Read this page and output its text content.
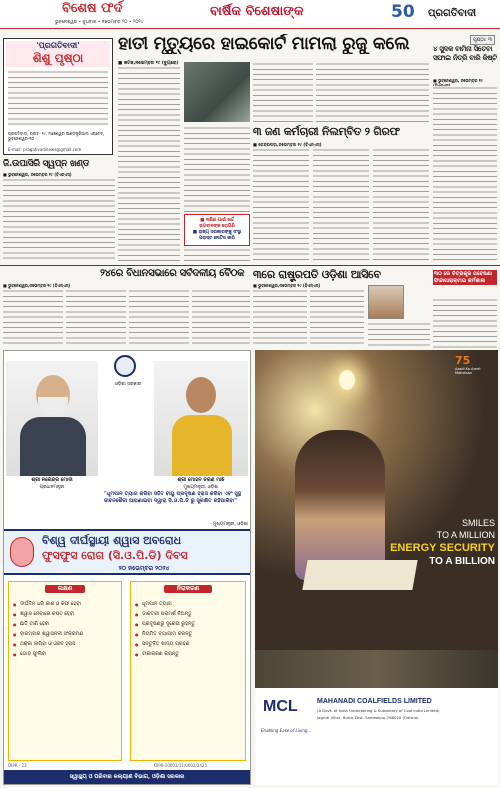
ବିଶେଷ ଫର୍ଦ
ଭୁବନେଶ୍ୱର • ବୁଧବାର • ନଭେମ୍ବର ୨୦ • ୨୦୨୪
ବାର୍ଷିକ ବିଶେଷାଙ୍କ	50	ପ୍ରଗତିବାଦୀ
ପୃଷ୍ଠା: ୩
'ପ୍ରଗତିବାଦୀ'
ଶିଶୁ ପୃଷ୍ଠା
ପ୍ରଗତିବାଦୀ, ପ୍ଲଟ- ୨୯, ମଞ୍ଚେଶ୍ୱର ଇଣ୍ଡଷ୍ଟ୍ରିଆଲ ଏଷ୍ଟେଟ୍, ଭୁବନେଶ୍ୱର-୧୦
E-mail: pragativadinews@gmail.com
ହାତୀ ମୃତ୍ୟୁରେ ହାଇକୋର୍ଟ ମାମଲା ରୁଜୁ କଲେ
■ କଟକ,ନଭେମ୍ବର ୧୯ (ବ୍ୟୁରୋ)
■ ଦକ୍ଷିଣ ପାଇଁ ଖର୍ଚ୍ଚ
ଭଗବାନଙ୍କ ରୋଗିଣି
■ ରାଜ୍ୟ ସରକାରଙ୍କୁ ସଂସ୍ଥା
ପରାସ୍ତ ନୋଟିସ ଜାରି
୩ ଜଣ କର୍ମଚାରୀ ନିଲମ୍ବିତ ୨ ଗିରଫ
■ କେନ୍ଦ୍ରପଡ଼ା,ନଭେମ୍ବର ୧୯ (ବିଏନ୍‌ଏସ୍)
୪ ସୁଦକ ବାମିନା ସିତେବା ସଫାଇ ନିତ୍ରି ବାରି କିଷ୍ଟି
■ ଭୁବନେଶ୍ୱର, ନଭେମ୍ବର ୧୯
ଜି.ଉପାସିରି ସ୍ୱପ୍ନ ଖଣ୍ଡ
■ ଭୁବନେଶ୍ୱର, ନଭେମ୍ବର ୧୯ (ବିଏନ୍‌ଏସ୍)
୨୪ରେ ବିଧାନସଭାରେ ସର୍ବଦଳୀୟ ବୈଠକ
■ ଭୁବନେଶ୍ୱର,ନଭେମ୍ବର ୧୯ (ବିଏନ୍‌ଏସ୍)
୩ରେ ରାଷ୍ଟ୍ରପତି ଓଡ଼ିଶା ଆସିବେ
■ ଭୁବନେଶ୍ୱର,ନଭେମ୍ବର ୧୯ (ବିଏନ୍‌ଏସ୍)
୩୦ ରେ ଚିତ୍ରାକୂର ଗବେଷଣା ଫିନ୍ଦୀପାରାକ୍ଟାଇ କର୍ମଶାଳା
ଓଡ଼ିଶା ସରକାର
ଶ୍ରୀ ନରେନ୍ଦ୍ର ମୋଦୀ
ପ୍ରଧାନମନ୍ତ୍ରୀ
ଶ୍ରୀ ମୋହନ ଚରଣ ମାଝି
ମୁଖ୍ୟମନ୍ତ୍ରୀ, ଓଡ଼ିଶା
"ଧୂମପାନ ତ୍ୟାଗ କରିବା ସହିତ ବାୟୁ ପ୍ରଦୂଷଣ ହ୍ରାସ କରିବା ଏବଂ ସୁସ୍ଥ ଜୀବନଶୈଳୀ ଆପଣାଇବା ଦ୍ୱାରା ସି.ଓ.ପି.ଡି ରୁ ସୁରକ୍ଷିତ ରହିପାରିବା"
- ମୁଖ୍ୟମନ୍ତ୍ରୀ, ଓଡ଼ିଶା
ବିଶ୍ୱ ଦୀର୍ଘସ୍ଥାୟୀ ଶ୍ୱାସ ଅବରୋଧ
ଫୁସଫୁସ ରୋଗ (ସି.ଓ.ପି.ଡି) ଦିବସ
୨୦ ନଭେମ୍ବର ୨୦୨୪
ଲକ୍ଷଣ
● ଦୀର୍ଘଦିନ ଧରି କାଶ ଓ କଫ ହେବା
● ଶ୍ୱାସ ନେବାରେ କଷ୍ଟ ହେବା
● ଛାତି ଟାଣି ହେବା
● ବାରମ୍ବାର ଶ୍ୱାସନଳୀ ସଂକ୍ରମଣ
● ଥକ୍କା ଲାଗିବା ଓ ଓଜନ ହ୍ରାସ
● ଗୋଡ଼ ଫୁଲିବା
ନିରାକରଣ
● ଧୂମପାନ ତ୍ୟାଗ
● ଡାକ୍ତରୀ ପରାମର୍ଶ ନିଅନ୍ତୁ
● ପ୍ରଦୂଷଣରୁ ଦୂରେଇ ରୁହନ୍ତୁ
● ନିୟମିତ ବ୍ୟାୟାମ କରନ୍ତୁ
● ସନ୍ତୁଳିତ ଖାଦ୍ୟ ଗ୍ରହଣ
● ଟୀକାକରଣ କରାନ୍ତୁ
OIPR - 23	OIPR-10003/11/0002/2425
ସ୍ୱାସ୍ଥ୍ୟ ଓ ପରିବାର କଲ୍ୟାଣ ବିଭାଗ, ଓଡ଼ିଶା ସରକାର
75
Azadi Ka Amrit Mahotsav
SMILES
TO A MILLION
ENERGY SECURITY
TO A BILLION
MCL
Enabling Ease of Living...
MAHANADI COALFIELDS LIMITED
(A Govt. of India Undertaking & Subsidiary of Coal India Limited)
Jagruti Vihar, Burla, Dist. Sambalpur-768020 (Odisha)
